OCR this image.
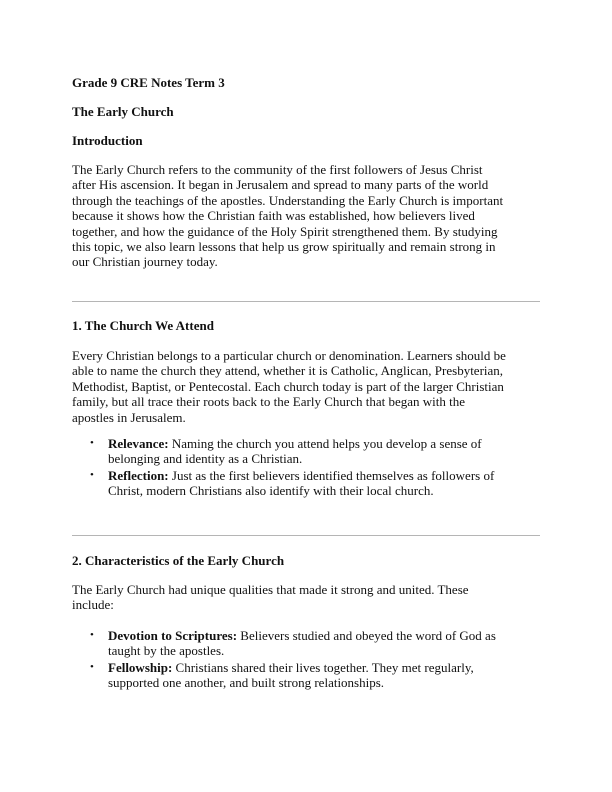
Grade 9 CRE Notes Term 3
The Early Church
Introduction
The Early Church refers to the community of the first followers of Jesus Christ
after His ascension. It began in Jerusalem and spread to many parts of the world
through the teachings of the apostles. Understanding the Early Church is important
because it shows how the Christian faith was established, how believers lived
together, and how the guidance of the Holy Spirit strengthened them. By studying
this topic, we also learn lessons that help us grow spiritually and remain strong in
our Christian journey today.
1. The Church We Attend
Every Christian belongs to a particular church or denomination. Learners should be
able to name the church they attend, whether it is Catholic, Anglican, Presbyterian,
Methodist, Baptist, or Pentecostal. Each church today is part of the larger Christian
family, but all trace their roots back to the Early Church that began with the
apostles in Jerusalem.
• Relevance: Naming the church you attend helps you develop a sense of
belonging and identity as a Christian.
• Reflection: Just as the first believers identified themselves as followers of
Christ, modern Christians also identify with their local church.
2. Characteristics of the Early Church
The Early Church had unique qualities that made it strong and united. These
include:
• Devotion to Scriptures: Believers studied and obeyed the word of God as
taught by the apostles.
• Fellowship: Christians shared their lives together. They met regularly,
supported one another, and built strong relationships.
